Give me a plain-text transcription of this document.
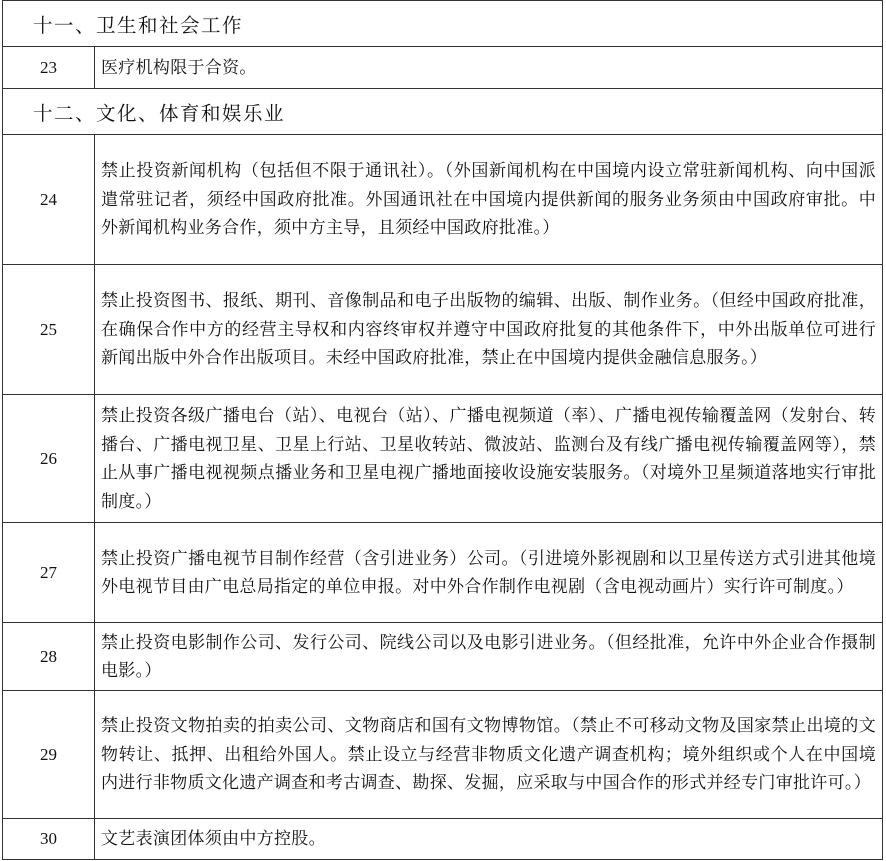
十一、卫生和社会工作	
23	医疗机构限于合资。
十二、文化、体育和娱乐业	
24	禁止投资新闻机构（包括但不限于通讯社）。（外国新闻机构在中国境内设立常驻新闻机构、向中国派遣常驻记者，须经中国政府批准。外国通讯社在中国境内提供新闻的服务业务须由中国政府审批。中外新闻机构业务合作，须中方主导，且须经中国政府批准。）
25	禁止投资图书、报纸、期刊、音像制品和电子出版物的编辑、出版、制作业务。（但经中国政府批准，在确保合作中方的经营主导权和内容终审权并遵守中国政府批复的其他条件下，中外出版单位可进行新闻出版中外合作出版项目。未经中国政府批准，禁止在中国境内提供金融信息服务。）
26	禁止投资各级广播电台（站）、电视台（站）、广播电视频道（率）、广播电视传输覆盖网（发射台、转播台、广播电视卫星、卫星上行站、卫星收转站、微波站、监测台及有线广播电视传输覆盖网等），禁止从事广播电视视频点播业务和卫星电视广播地面接收设施安装服务。（对境外卫星频道落地实行审批制度。）
27	禁止投资广播电视节目制作经营（含引进业务）公司。（引进境外影视剧和以卫星传送方式引进其他境外电视节目由广电总局指定的单位申报。对中外合作制作电视剧（含电视动画片）实行许可制度。）
28	禁止投资电影制作公司、发行公司、院线公司以及电影引进业务。（但经批准，允许中外企业合作摄制电影。）
29	禁止投资文物拍卖的拍卖公司、文物商店和国有文物博物馆。（禁止不可移动文物及国家禁止出境的文物转让、抵押、出租给外国人。禁止设立与经营非物质文化遗产调查机构；境外组织或个人在中国境内进行非物质文化遗产调查和考古调查、勘探、发掘，应采取与中国合作的形式并经专门审批许可。）
30	文艺表演团体须由中方控股。
